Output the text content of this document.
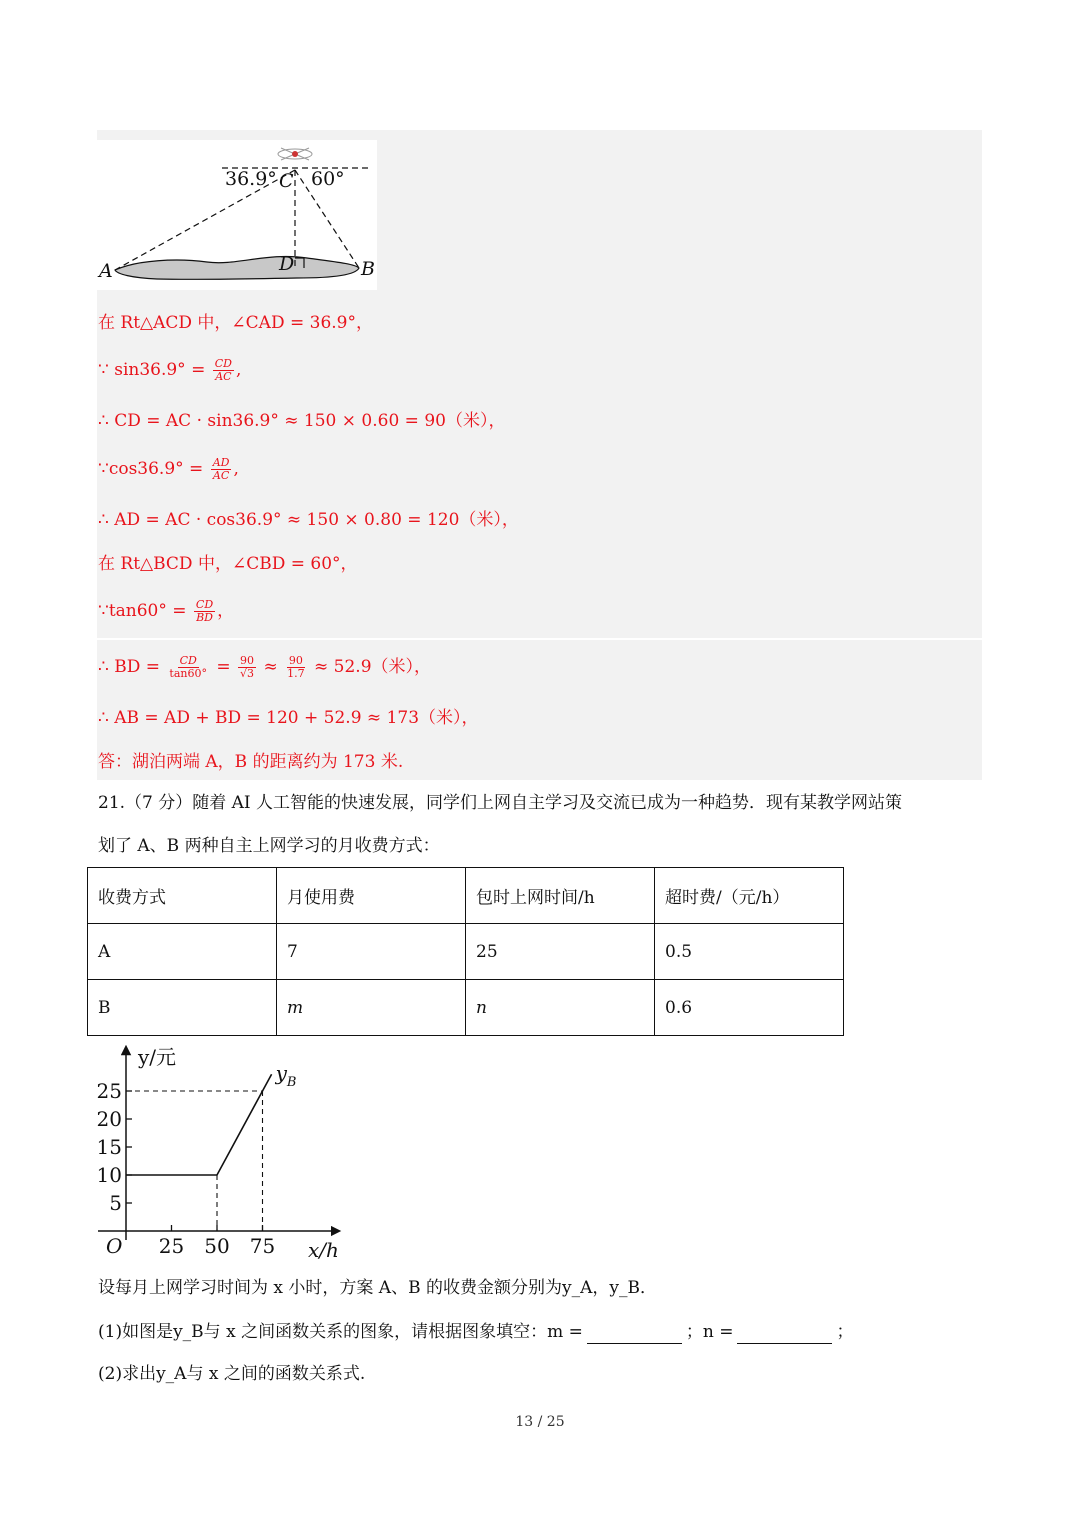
36.9° C 60°
A	D	B
在 Rt△ACD 中，∠CAD = 36.9°，
∵ $\sin 36.9^\circ = \frac{CD}{AC}$ ,
∴ CD = AC · sin36.9° ≈ 150 × 0.60 = 90（米），
∵cos36.9° = $\frac{AD}{AC}$ ,
∴ AD = AC · cos36.9° ≈ 150 × 0.80 = 120（米），
在 Rt△BCD 中，∠CBD = 60°，
∵tan60° = $\frac{CD}{BD}$ ，
∴ BD = $\frac{CD}{\tan 60^\circ} = \frac{90}{√3} \approx \frac{90}{1.7} \approx 52.9$（米），
∴ AB = AD + BD = 120 + 52.9 ≈ 173（米），
答：湖泊两端 A，B 的距离约为 173 米.
21.（7 分）随着 AI 人工智能的快速发展，同学们上网自主学习及交流已成为一种趋势．现有某教学网站策
划了 A、B 两种自主上网学习的月收费方式：
收费方式	月使用费	包时上网时间/h	超时费/（元/h）
A	7	25	0.5
B	m	n	0.6
25 50 75
5
10
15
20
25
O	x/h
y/元
$y_B$
设每月上网学习时间为 x 小时，方案 A、B 的收费金额分别为y_A，y_B．
(1)如图是y_B与 x 之间函数关系的图象，请根据图象填空：m =	；n =	；
(2)求出y_A与 x 之间的函数关系式.
13 / 25
